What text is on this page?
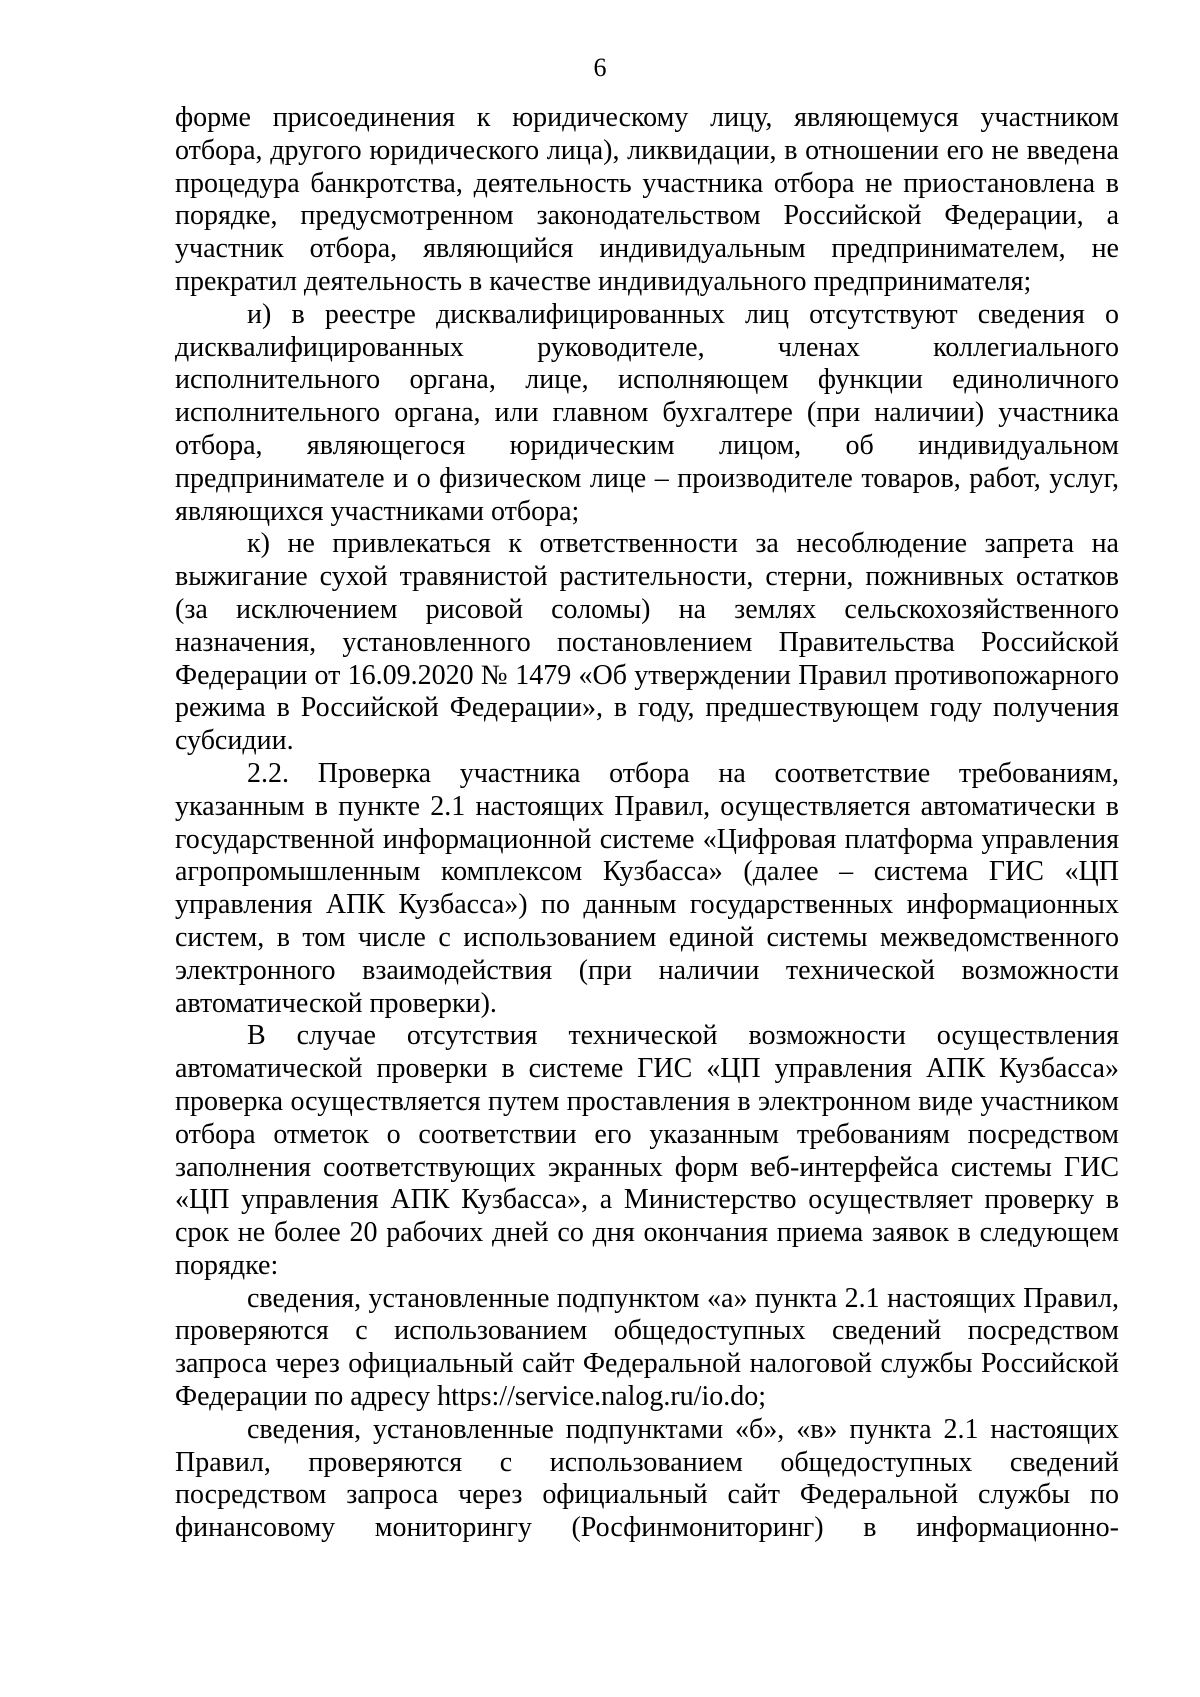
6

форме присоединения к юридическому лицу, являющемуся участником отбора, другого юридического лица), ликвидации, в отношении его не введена процедура банкротства, деятельность участника отбора не приостановлена в порядке, предусмотренном законодательством Российской Федерации, а участник отбора, являющийся индивидуальным предпринимателем, не прекратил деятельность в качестве индивидуального предпринимателя;

и) в реестре дисквалифицированных лиц отсутствуют сведения о дисквалифицированных руководителе, членах коллегиального исполнительного органа, лице, исполняющем функции единоличного исполнительного органа, или главном бухгалтере (при наличии) участника отбора, являющегося юридическим лицом, об индивидуальном предпринимателе и о физическом лице – производителе товаров, работ, услуг, являющихся участниками отбора;

к) не привлекаться к ответственности за несоблюдение запрета на выжигание сухой травянистой растительности, стерни, пожнивных остатков (за исключением рисовой соломы) на землях сельскохозяйственного назначения, установленного постановлением Правительства Российской Федерации от 16.09.2020 № 1479 «Об утверждении Правил противопожарного режима в Российской Федерации», в году, предшествующем году получения субсидии.

2.2. Проверка участника отбора на соответствие требованиям, указанным в пункте 2.1 настоящих Правил, осуществляется автоматически в государственной информационной системе «Цифровая платформа управления агропромышленным комплексом Кузбасса» (далее – система ГИС «ЦП управления АПК Кузбасса») по данным государственных информационных систем, в том числе с использованием единой системы межведомственного электронного взаимодействия (при наличии технической возможности автоматической проверки).

В случае отсутствия технической возможности осуществления автоматической проверки в системе ГИС «ЦП управления АПК Кузбасса» проверка осуществляется путем проставления в электронном виде участником отбора отметок о соответствии его указанным требованиям посредством заполнения соответствующих экранных форм веб-интерфейса системы ГИС «ЦП управления АПК Кузбасса», а Министерство осуществляет проверку в срок не более 20 рабочих дней со дня окончания приема заявок в следующем порядке:

сведения, установленные подпунктом «а» пункта 2.1 настоящих Правил, проверяются с использованием общедоступных сведений посредством запроса через официальный сайт Федеральной налоговой службы Российской Федерации по адресу https://service.nalog.ru/io.do;

сведения, установленные подпунктами «б», «в» пункта 2.1 настоящих Правил, проверяются с использованием общедоступных сведений посредством запроса через официальный сайт Федеральной службы по финансовому мониторингу (Росфинмониторинг) в информационно-
